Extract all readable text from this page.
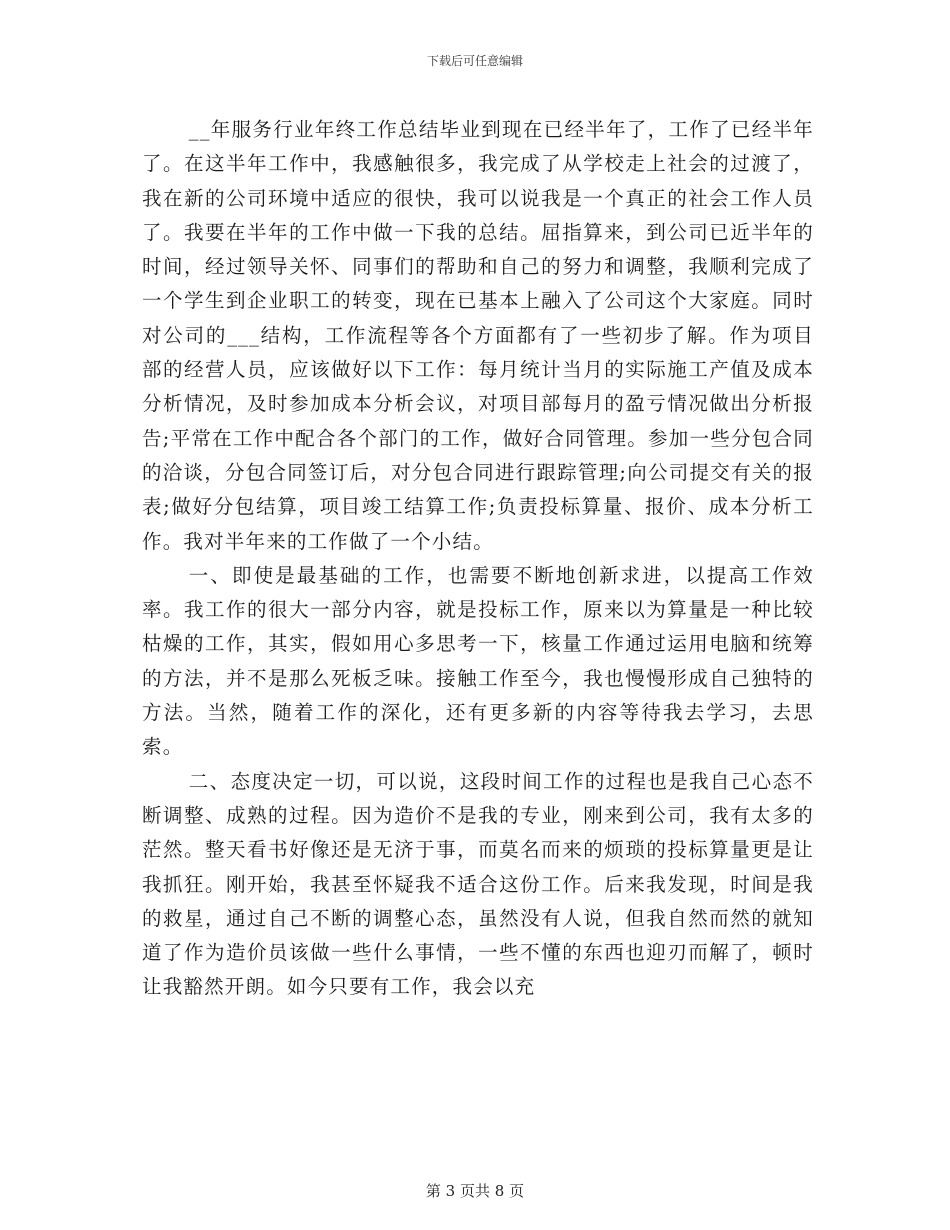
下载后可任意编辑

__年服务行业年终工作总结毕业到现在已经半年了，工作了已经半年了。在这半年工作中，我感触很多，我完成了从学校走上社会的过渡了，我在新的公司环境中适应的很快，我可以说我是一个真正的社会工作人员了。我要在半年的工作中做一下我的总结。屈指算来，到公司已近半年的时间，经过领导关怀、同事们的帮助和自己的努力和调整，我顺利完成了一个学生到企业职工的转变，现在已基本上融入了公司这个大家庭。同时对公司的___结构，工作流程等各个方面都有了一些初步了解。作为项目部的经营人员，应该做好以下工作：每月统计当月的实际施工产值及成本分析情况，及时参加成本分析会议，对项目部每月的盈亏情况做出分析报告;平常在工作中配合各个部门的工作，做好合同管理。参加一些分包合同的洽谈，分包合同签订后，对分包合同进行跟踪管理;向公司提交有关的报表;做好分包结算，项目竣工结算工作;负责投标算量、报价、成本分析工作。我对半年来的工作做了一个小结。

一、即使是最基础的工作，也需要不断地创新求进，以提高工作效率。我工作的很大一部分内容，就是投标工作，原来以为算量是一种比较枯燥的工作，其实，假如用心多思考一下，核量工作通过运用电脑和统筹的方法，并不是那么死板乏味。接触工作至今，我也慢慢形成自己独特的方法。当然，随着工作的深化，还有更多新的内容等待我去学习，去思索。

二、态度决定一切，可以说，这段时间工作的过程也是我自己心态不断调整、成熟的过程。因为造价不是我的专业，刚来到公司，我有太多的茫然。整天看书好像还是无济于事，而莫名而来的烦琐的投标算量更是让我抓狂。刚开始，我甚至怀疑我不适合这份工作。后来我发现，时间是我的救星，通过自己不断的调整心态，虽然没有人说，但我自然而然的就知道了作为造价员该做一些什么事情，一些不懂的东西也迎刃而解了，顿时让我豁然开朗。如今只要有工作，我会以充

第 3 页共 8 页
